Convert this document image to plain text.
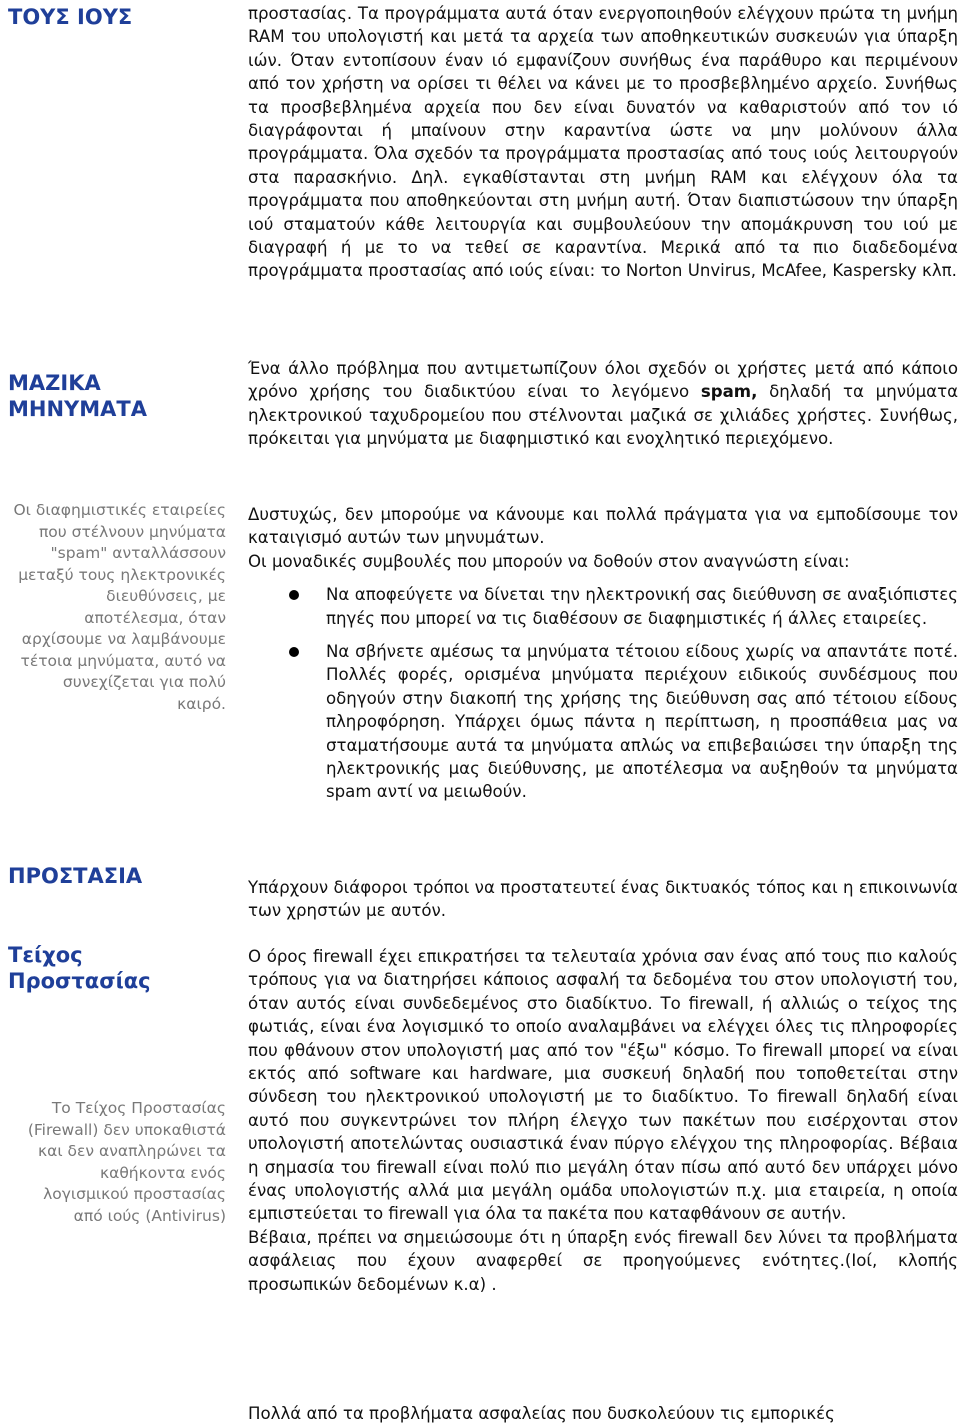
ΤΟΥΣ ΙΟΥΣ
ΜΑΖΙΚΑ ΜΗΝΥΜΑΤΑ
Οι διαφημιστικές εταιρείες που στέλνουν μηνύματα "spam" ανταλλάσσουν μεταξύ τους ηλεκτρονικές διευθύνσεις, με αποτέλεσμα, όταν αρχίσουμε να λαμβάνουμε τέτοια μηνύματα, αυτό να συνεχίζεται για πολύ καιρό.
ΠΡΟΣΤΑΣΙΑ
Τείχος Προστασίας
Το Τείχος Προστασίας (Firewall) δεν υποκαθιστά και δεν αναπληρώνει τα καθήκοντα ενός λογισμικού προστασίας από ιούς (Antivirus)

προστασίας. Τα προγράμματα αυτά όταν ενεργοποιηθούν ελέγχουν πρώτα τη μνήμη RAM του υπολογιστή και μετά τα αρχεία των αποθηκευτικών συσκευών για ύπαρξη ιών. Όταν εντοπίσουν έναν ιό εμφανίζουν συνήθως ένα παράθυρο και περιμένουν από τον χρήστη να ορίσει τι θέλει να κάνει με το προσβεβλημένο αρχείο. Συνήθως τα προσβεβλημένα αρχεία που δεν είναι δυνατόν να καθαριστούν από τον ιό διαγράφονται ή μπαίνουν στην καραντίνα ώστε να μην μολύνουν άλλα προγράμματα. Όλα σχεδόν τα προγράμματα προστασίας από τους ιούς λειτουργούν στα παρασκήνιο. Δηλ. εγκαθίστανται στη μνήμη RAM και ελέγχουν όλα τα προγράμματα που αποθηκεύονται στη μνήμη αυτή. Όταν διαπιστώσουν την ύπαρξη ιού σταματούν κάθε λειτουργία και συμβουλεύουν την απομάκρυνση του ιού με διαγραφή ή με το να τεθεί σε καραντίνα. Μερικά από τα πιο διαδεδομένα προγράμματα προστασίας από ιούς είναι: το Norton Unvirus, McAfee, Kaspersky κλπ.

Ένα άλλο πρόβλημα που αντιμετωπίζουν όλοι σχεδόν οι χρήστες μετά από κάποιο χρόνο χρήσης του διαδικτύου είναι το λεγόμενο spam, δηλαδή τα μηνύματα ηλεκτρονικού ταχυδρομείου που στέλνονται μαζικά σε χιλιάδες χρήστες. Συνήθως, πρόκειται για μηνύματα με διαφημιστικό και ενοχλητικό περιεχόμενο.

Δυστυχώς, δεν μπορούμε να κάνουμε και πολλά πράγματα για να εμποδίσουμε τον καταιγισμό αυτών των μηνυμάτων.

Οι μοναδικές συμβουλές που μπορούν να δοθούν στον αναγνώστη είναι:

Να αποφεύγετε να δίνεται την ηλεκτρονική σας διεύθυνση σε αναξιόπιστες πηγές που μπορεί να τις διαθέσουν σε διαφημιστικές ή άλλες εταιρείες.
Να σβήνετε αμέσως τα μηνύματα τέτοιου είδους χωρίς να απαντάτε ποτέ. Πολλές φορές, ορισμένα μηνύματα περιέχουν ειδικούς συνδέσμους που οδηγούν στην διακοπή της χρήσης της διεύθυνση σας από τέτοιου είδους πληροφόρηση. Υπάρχει όμως πάντα η περίπτωση, η προσπάθεια μας να σταματήσουμε αυτά τα μηνύματα απλώς να επιβεβαιώσει την ύπαρξη της ηλεκτρονικής μας διεύθυνσης, με αποτέλεσμα να αυξηθούν τα μηνύματα spam αντί να μειωθούν.

Υπάρχουν διάφοροι τρόποι να προστατευτεί ένας δικτυακός τόπος και η επικοινωνία των χρηστών με αυτόν.

Ο όρος firewall έχει επικρατήσει τα τελευταία χρόνια σαν ένας από τους πιο καλούς τρόπους για να διατηρήσει κάποιος ασφαλή τα δεδομένα του στον υπολογιστή του, όταν αυτός είναι συνδεδεμένος στο διαδίκτυο. Το firewall, ή αλλιώς ο τείχος της φωτιάς, είναι ένα λογισμικό το οποίο αναλαμβάνει να ελέγχει όλες τις πληροφορίες που φθάνουν στον υπολογιστή μας από τον "έξω" κόσμο. Το firewall μπορεί να είναι εκτός από software και hardware, μια συσκευή δηλαδή που τοποθετείται στην σύνδεση του ηλεκτρονικού υπολογιστή με το διαδίκτυο. Το firewall δηλαδή είναι αυτό που συγκεντρώνει τον πλήρη έλεγχο των πακέτων που εισέρχονται στον υπολογιστή αποτελώντας ουσιαστικά έναν πύργο ελέγχου της πληροφορίας. Βέβαια η σημασία του firewall είναι πολύ πιο μεγάλη όταν πίσω από αυτό δεν υπάρχει μόνο ένας υπολογιστής αλλά μια μεγάλη ομάδα υπολογιστών π.χ. μια εταιρεία, η οποία εμπιστεύεται το firewall για όλα τα πακέτα που καταφθάνουν σε αυτήν.

Βέβαια, πρέπει να σημειώσουμε ότι η ύπαρξη ενός firewall δεν λύνει τα προβλήματα ασφάλειας που έχουν αναφερθεί σε προηγούμενες ενότητες.(Ιοί, κλοπής προσωπικών δεδομένων κ.α) .

Πολλά από τα προβλήματα ασφαλείας που δυσκολεύουν τις εμπορικές
